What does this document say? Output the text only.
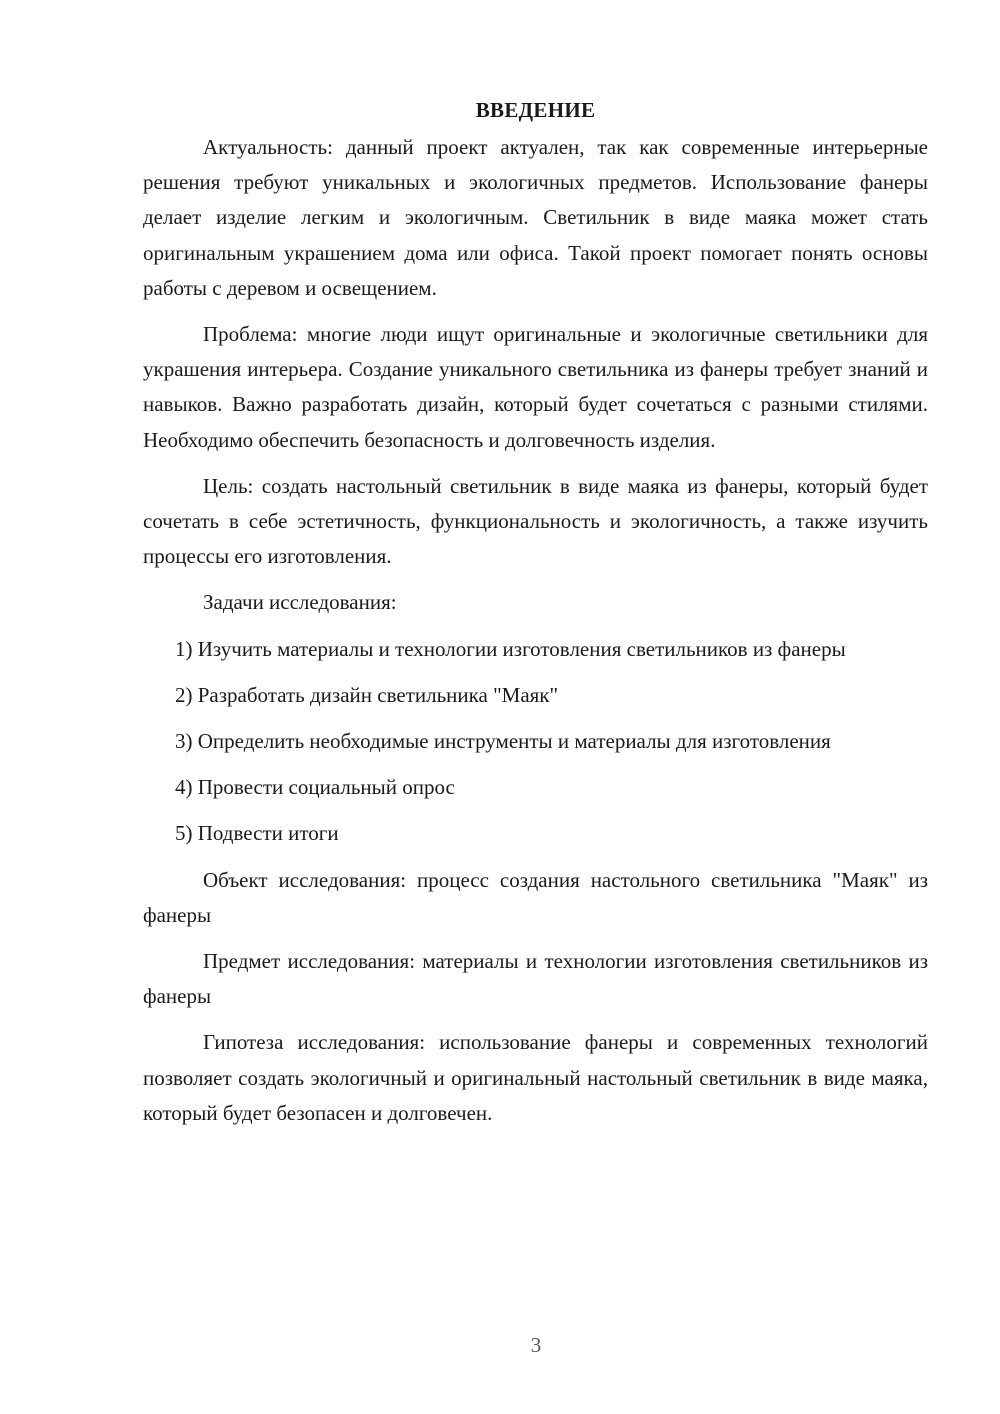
ВВЕДЕНИЕ

Актуальность: данный проект актуален, так как современные интерьерные решения требуют уникальных и экологичных предметов. Использование фанеры делает изделие легким и экологичным. Светильник в виде маяка может стать оригинальным украшением дома или офиса. Такой проект помогает понять основы работы с деревом и освещением.

Проблема: многие люди ищут оригинальные и экологичные светильники для украшения интерьера. Создание уникального светильника из фанеры требует знаний и навыков. Важно разработать дизайн, который будет сочетаться с разными стилями. Необходимо обеспечить безопасность и долговечность изделия.

Цель: создать настольный светильник в виде маяка из фанеры, который будет сочетать в себе эстетичность, функциональность и экологичность, а также изучить процессы его изготовления.

Задачи исследования:

1) Изучить материалы и технологии изготовления светильников из фанеры

2) Разработать дизайн светильника "Маяк"

3) Определить необходимые инструменты и материалы для изготовления

4) Провести социальный опрос

5) Подвести итоги

Объект исследования: процесс создания настольного светильника "Маяк" из фанеры

Предмет исследования: материалы и технологии изготовления светильников из фанеры

Гипотеза исследования: использование фанеры и современных технологий позволяет создать экологичный и оригинальный настольный светильник в виде маяка, который будет безопасен и долговечен.

3
